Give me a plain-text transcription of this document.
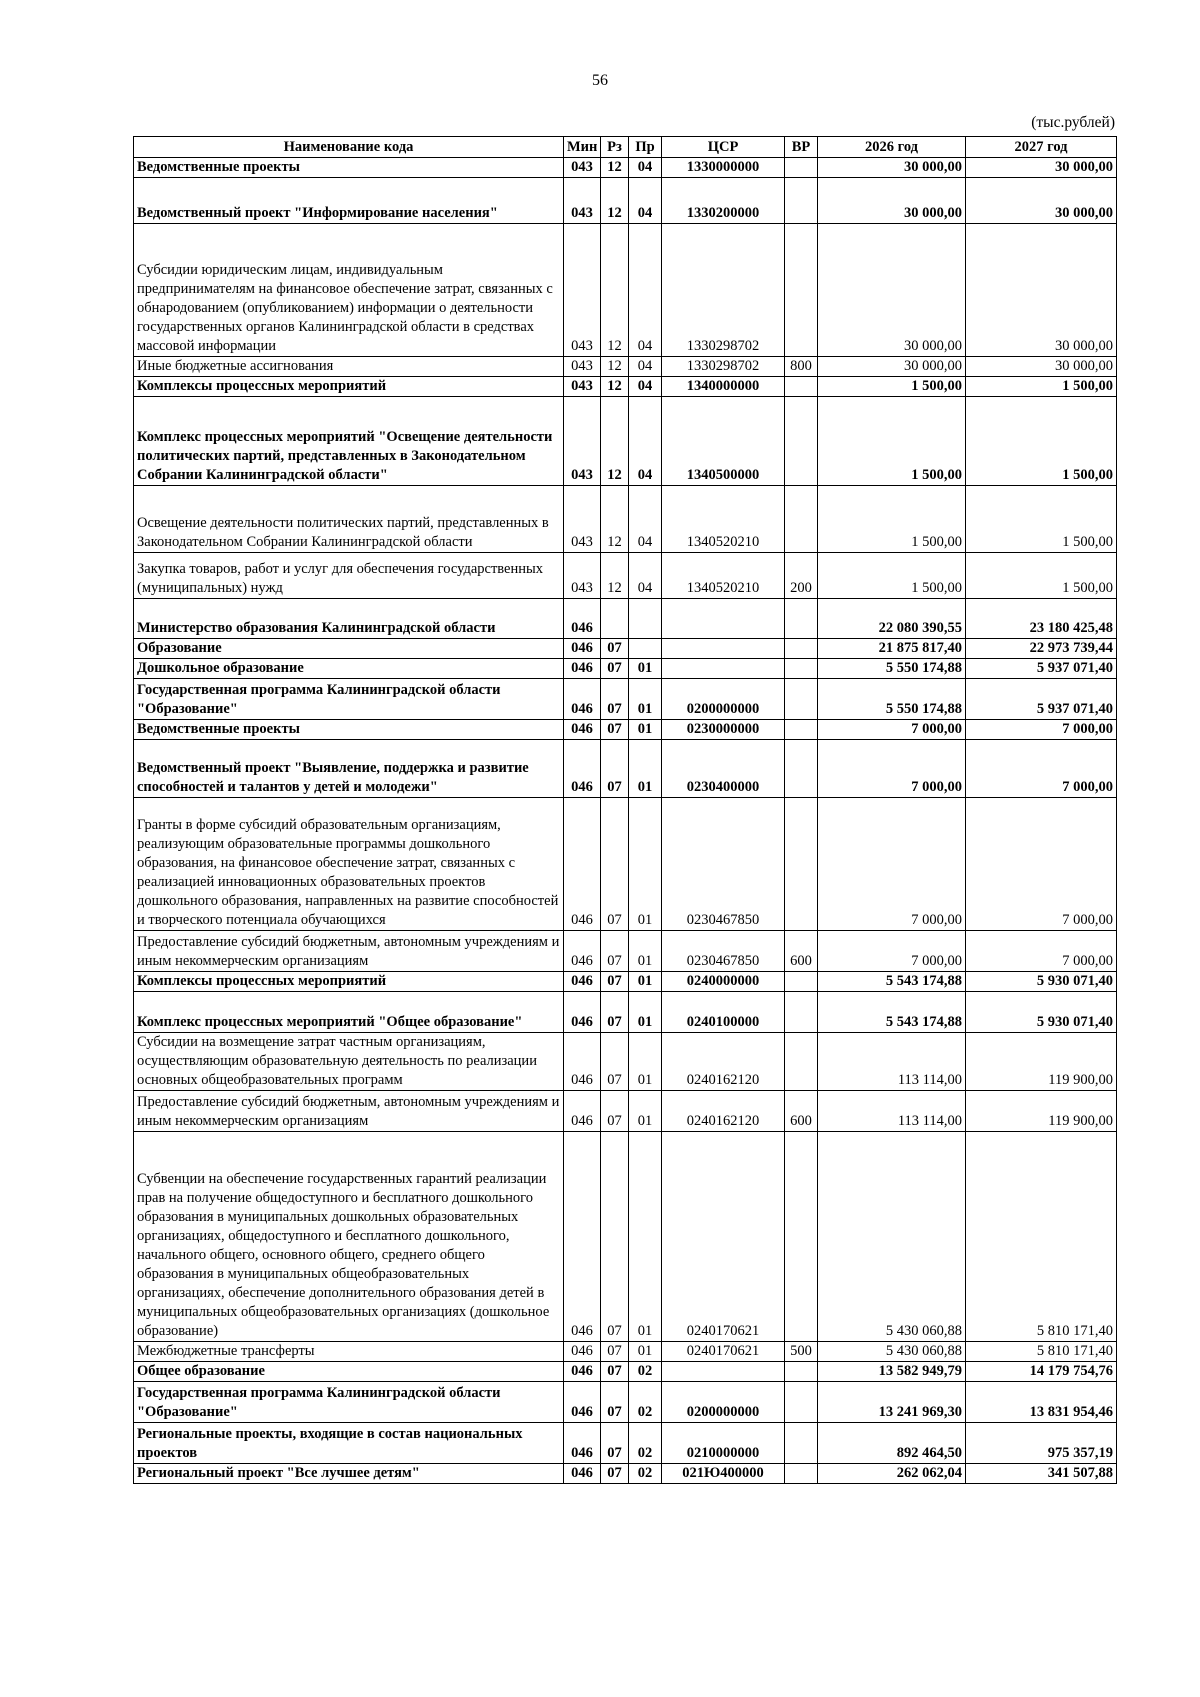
56
(тыс.рублей)
Наименование кода	Мин	Рз	Пр	ЦСР	ВР	2026 год	2027 год
Ведомственные проекты	043	12	04	1330000000		30 000,00	30 000,00
Ведомственный проект "Информирование населения"	043	12	04	1330200000		30 000,00	30 000,00
Субсидии юридическим лицам, индивидуальным предпринимателям на финансовое обеспечение затрат, связанных с обнародованием (опубликованием) информации о деятельности государственных органов Калининградской области в средствах массовой информации	043	12	04	1330298702		30 000,00	30 000,00
Иные бюджетные ассигнования	043	12	04	1330298702	800	30 000,00	30 000,00
Комплексы процессных мероприятий	043	12	04	1340000000		1 500,00	1 500,00
Комплекс процессных мероприятий "Освещение деятельности политических партий, представленных в Законодательном Собрании Калининградской области"	043	12	04	1340500000		1 500,00	1 500,00
Освещение деятельности политических партий, представленных в Законодательном Собрании Калининградской области	043	12	04	1340520210		1 500,00	1 500,00
Закупка товаров, работ и услуг для обеспечения государственных (муниципальных) нужд	043	12	04	1340520210	200	1 500,00	1 500,00
Министерство образования Калининградской области	046					22 080 390,55	23 180 425,48
Образование	046	07				21 875 817,40	22 973 739,44
Дошкольное образование	046	07	01			5 550 174,88	5 937 071,40
Государственная программа Калининградской области "Образование"	046	07	01	0200000000		5 550 174,88	5 937 071,40
Ведомственные проекты	046	07	01	0230000000		7 000,00	7 000,00
Ведомственный проект "Выявление, поддержка и развитие способностей и талантов у детей и молодежи"	046	07	01	0230400000		7 000,00	7 000,00
Гранты в форме субсидий образовательным организациям, реализующим образовательные программы дошкольного образования, на финансовое обеспечение затрат, связанных с реализацией инновационных образовательных проектов дошкольного образования, направленных на развитие способностей и творческого потенциала обучающихся	046	07	01	0230467850		7 000,00	7 000,00
Предоставление субсидий бюджетным, автономным учреждениям и иным некоммерческим организациям	046	07	01	0230467850	600	7 000,00	7 000,00
Комплексы процессных мероприятий	046	07	01	0240000000		5 543 174,88	5 930 071,40
Комплекс процессных мероприятий "Общее образование"	046	07	01	0240100000		5 543 174,88	5 930 071,40
Субсидии на возмещение затрат частным организациям, осуществляющим образовательную деятельность по реализации основных общеобразовательных программ	046	07	01	0240162120		113 114,00	119 900,00
Предоставление субсидий бюджетным, автономным учреждениям и иным некоммерческим организациям	046	07	01	0240162120	600	113 114,00	119 900,00
Субвенции на обеспечение государственных гарантий реализации прав на получение общедоступного и бесплатного дошкольного образования в муниципальных дошкольных образовательных организациях, общедоступного и бесплатного дошкольного, начального общего, основного общего, среднего общего образования в муниципальных общеобразовательных организациях, обеспечение дополнительного образования детей в муниципальных общеобразовательных организациях (дошкольное образование)	046	07	01	0240170621		5 430 060,88	5 810 171,40
Межбюджетные трансферты	046	07	01	0240170621	500	5 430 060,88	5 810 171,40
Общее образование	046	07	02			13 582 949,79	14 179 754,76
Государственная программа Калининградской области "Образование"	046	07	02	0200000000		13 241 969,30	13 831 954,46
Региональные проекты, входящие в состав национальных проектов	046	07	02	0210000000		892 464,50	975 357,19
Региональный проект "Все лучшее детям"	046	07	02	021Ю400000		262 062,04	341 507,88
